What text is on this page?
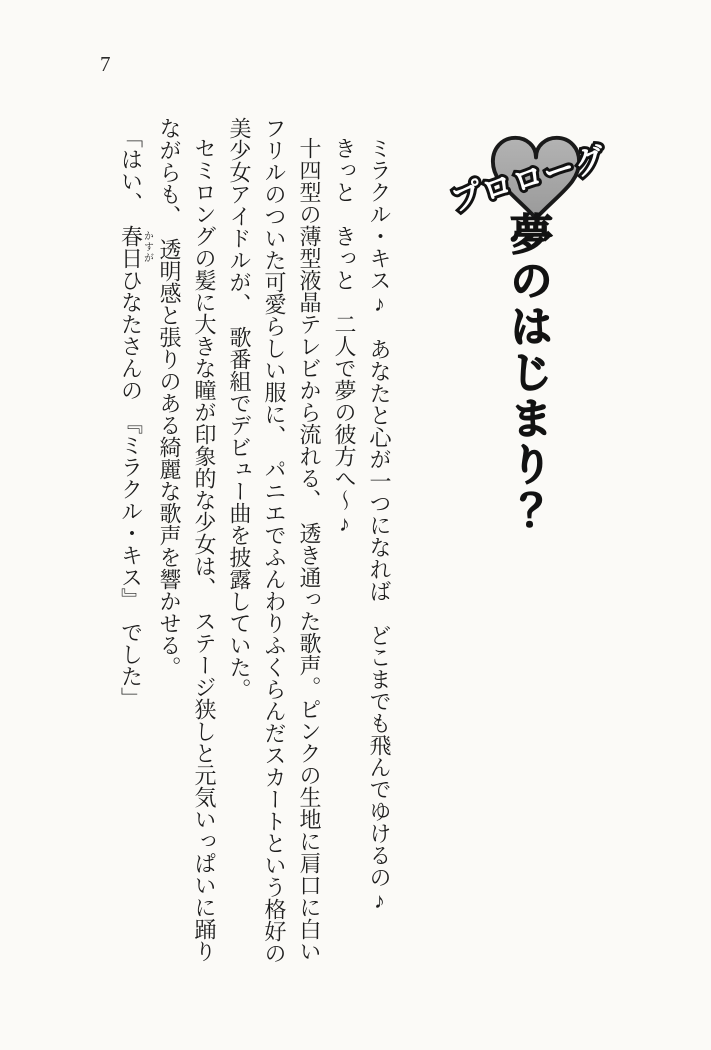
7
プロローグ
夢のはじまり？

ミラクル・キス♪　あなたと心が一つになれば　どこまでも飛んでゆけるの♪

きっと　きっと　二人で夢の彼方へ～♪

十四型の薄型液晶テレビから流れる、　透き通った歌声。ピンクの生地に肩口に白い

フリルのついた可愛らしい服に、　パニエでふんわりふくらんだスカートという格好の

美少女アイドルが、　歌番組でデビュー曲を披露していた。

セミロングの髪に大きな瞳が印象的な少女は、　ステージ狭しと元気いっぱいに踊り

ながらも、　透明感と張りのある綺麗な歌声を響かせる。

「はい、　春日かすがひなたさんの　『ミラクル・キス』　でした」
